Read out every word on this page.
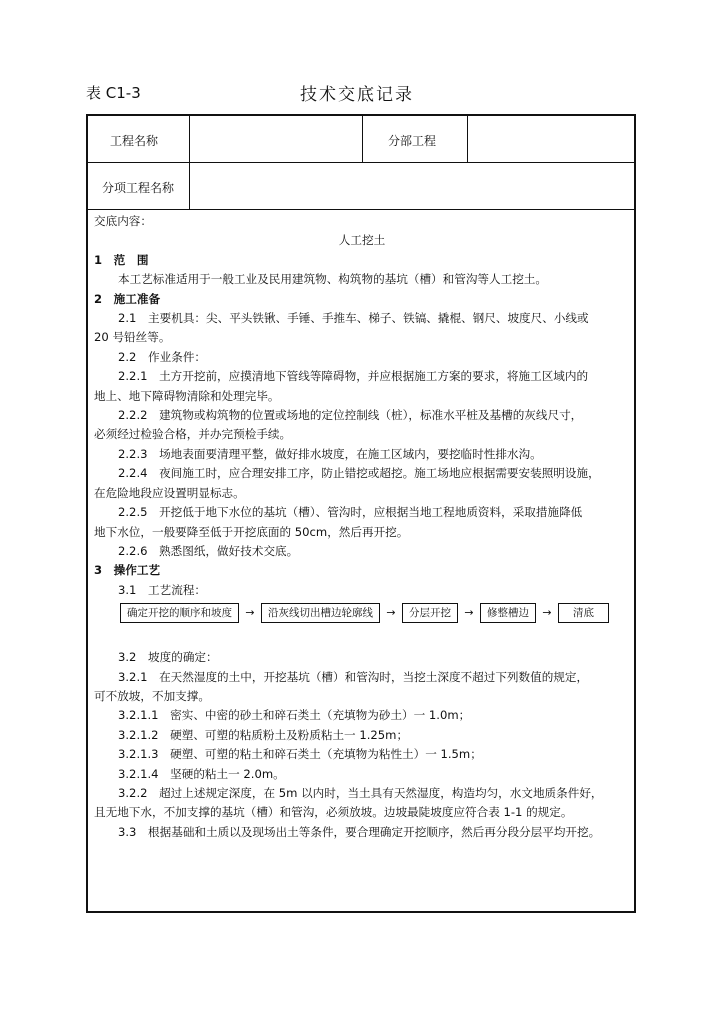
表 C1-3	技术交底记录
工程名称	分部工程
分项工程名称
交底内容：
人工挖土
1　范　围
本工艺标准适用于一般工业及民用建筑物、构筑物的基坑（槽）和管沟等人工挖土。
2　施工准备
2.1　主要机具：尖、平头铁锹、手锤、手推车、梯子、铁镐、撬棍、钢尺、坡度尺、小线或
20 号铅丝等。
2.2　作业条件：
2.2.1　土方开挖前，应摸清地下管线等障碍物，并应根据施工方案的要求，将施工区域内的
地上、地下障碍物清除和处理完毕。
2.2.2　建筑物或构筑物的位置或场地的定位控制线（桩），标准水平桩及基槽的灰线尺寸，
必须经过检验合格，并办完预检手续。
2.2.3　场地表面要清理平整，做好排水坡度，在施工区域内，要挖临时性排水沟。
2.2.4　夜间施工时，应合理安排工序，防止错挖或超挖。施工场地应根据需要安装照明设施，
在危险地段应设置明显标志。
2.2.5　开挖低于地下水位的基坑（槽）、管沟时，应根据当地工程地质资料，采取措施降低
地下水位，一般要降至低于开挖底面的 50cm，然后再开挖。
2.2.6　熟悉图纸，做好技术交底。
3　操作工艺
3.1　工艺流程：
确定开挖的顺序和坡度	→	沿灰线切出槽边轮廓线	→	分层开挖	→	修整槽边	→	清底
3.2　坡度的确定：
3.2.1　在天然湿度的土中，开挖基坑（槽）和管沟时，当挖土深度不超过下列数值的规定，
可不放坡，不加支撑。
3.2.1.1　密实、中密的砂土和碎石类土（充填物为砂土）一 1.0m；
3.2.1.2　硬塑、可塑的粘质粉土及粉质粘土一 1.25m；
3.2.1.3　硬塑、可塑的粘土和碎石类土（充填物为粘性土）一 1.5m；
3.2.1.4　坚硬的粘土一 2.0m。
3.2.2　超过上述规定深度，在 5m 以内时，当土具有天然湿度，构造均匀，水文地质条件好，
且无地下水，不加支撑的基坑（槽）和管沟，必须放坡。边坡最陡坡度应符合表 1-1 的规定。
3.3　根据基础和土质以及现场出土等条件，要合理确定开挖顺序，然后再分段分层平均开挖。
